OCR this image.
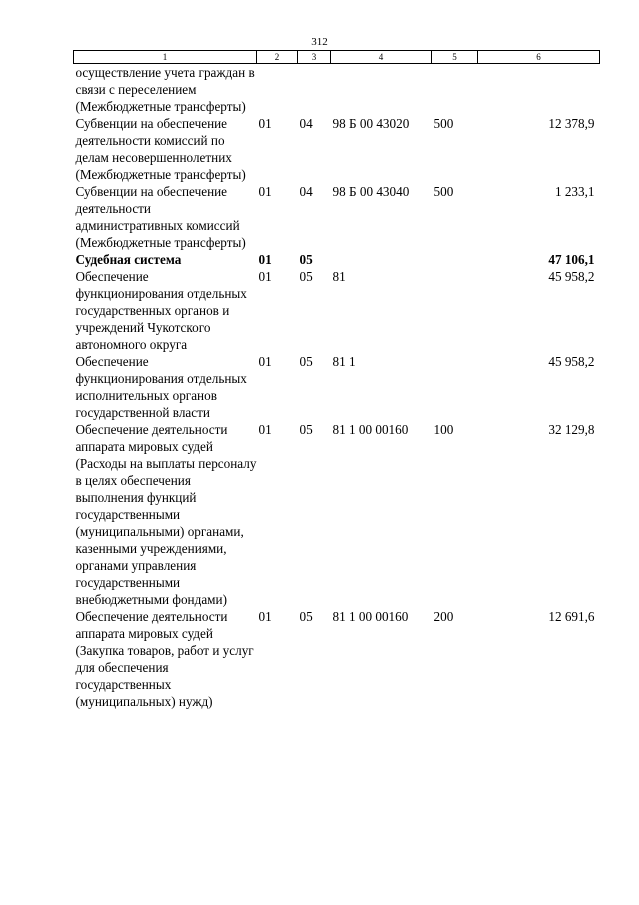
312
1	2	3	4	5	6
осуществление учета граждан в связи с переселением (Межбюджетные трансферты)					
Субвенции на обеспечение деятельности комиссий по делам несовершеннолетних (Межбюджетные трансферты)	01	04	98 Б 00 43020	500	12 378,9
Субвенции на обеспечение деятельности административных комиссий (Межбюджетные трансферты)	01	04	98 Б 00 43040	500	1 233,1
Судебная система	01	05			47 106,1
Обеспечение функционирования отдельных государственных органов и учреждений Чукотского автономного округа	01	05	81		45 958,2
Обеспечение функционирования отдельных исполнительных органов государственной власти	01	05	81 1		45 958,2
Обеспечение деятельности аппарата мировых судей (Расходы на выплаты персоналу в целях обеспечения выполнения функций государственными (муниципальными) органами, казенными учреждениями, органами управления государственными внебюджетными фондами)	01	05	81 1 00 00160	100	32 129,8
Обеспечение деятельности аппарата мировых судей (Закупка товаров, работ и услуг для обеспечения государственных (муниципальных) нужд)	01	05	81 1 00 00160	200	12 691,6
